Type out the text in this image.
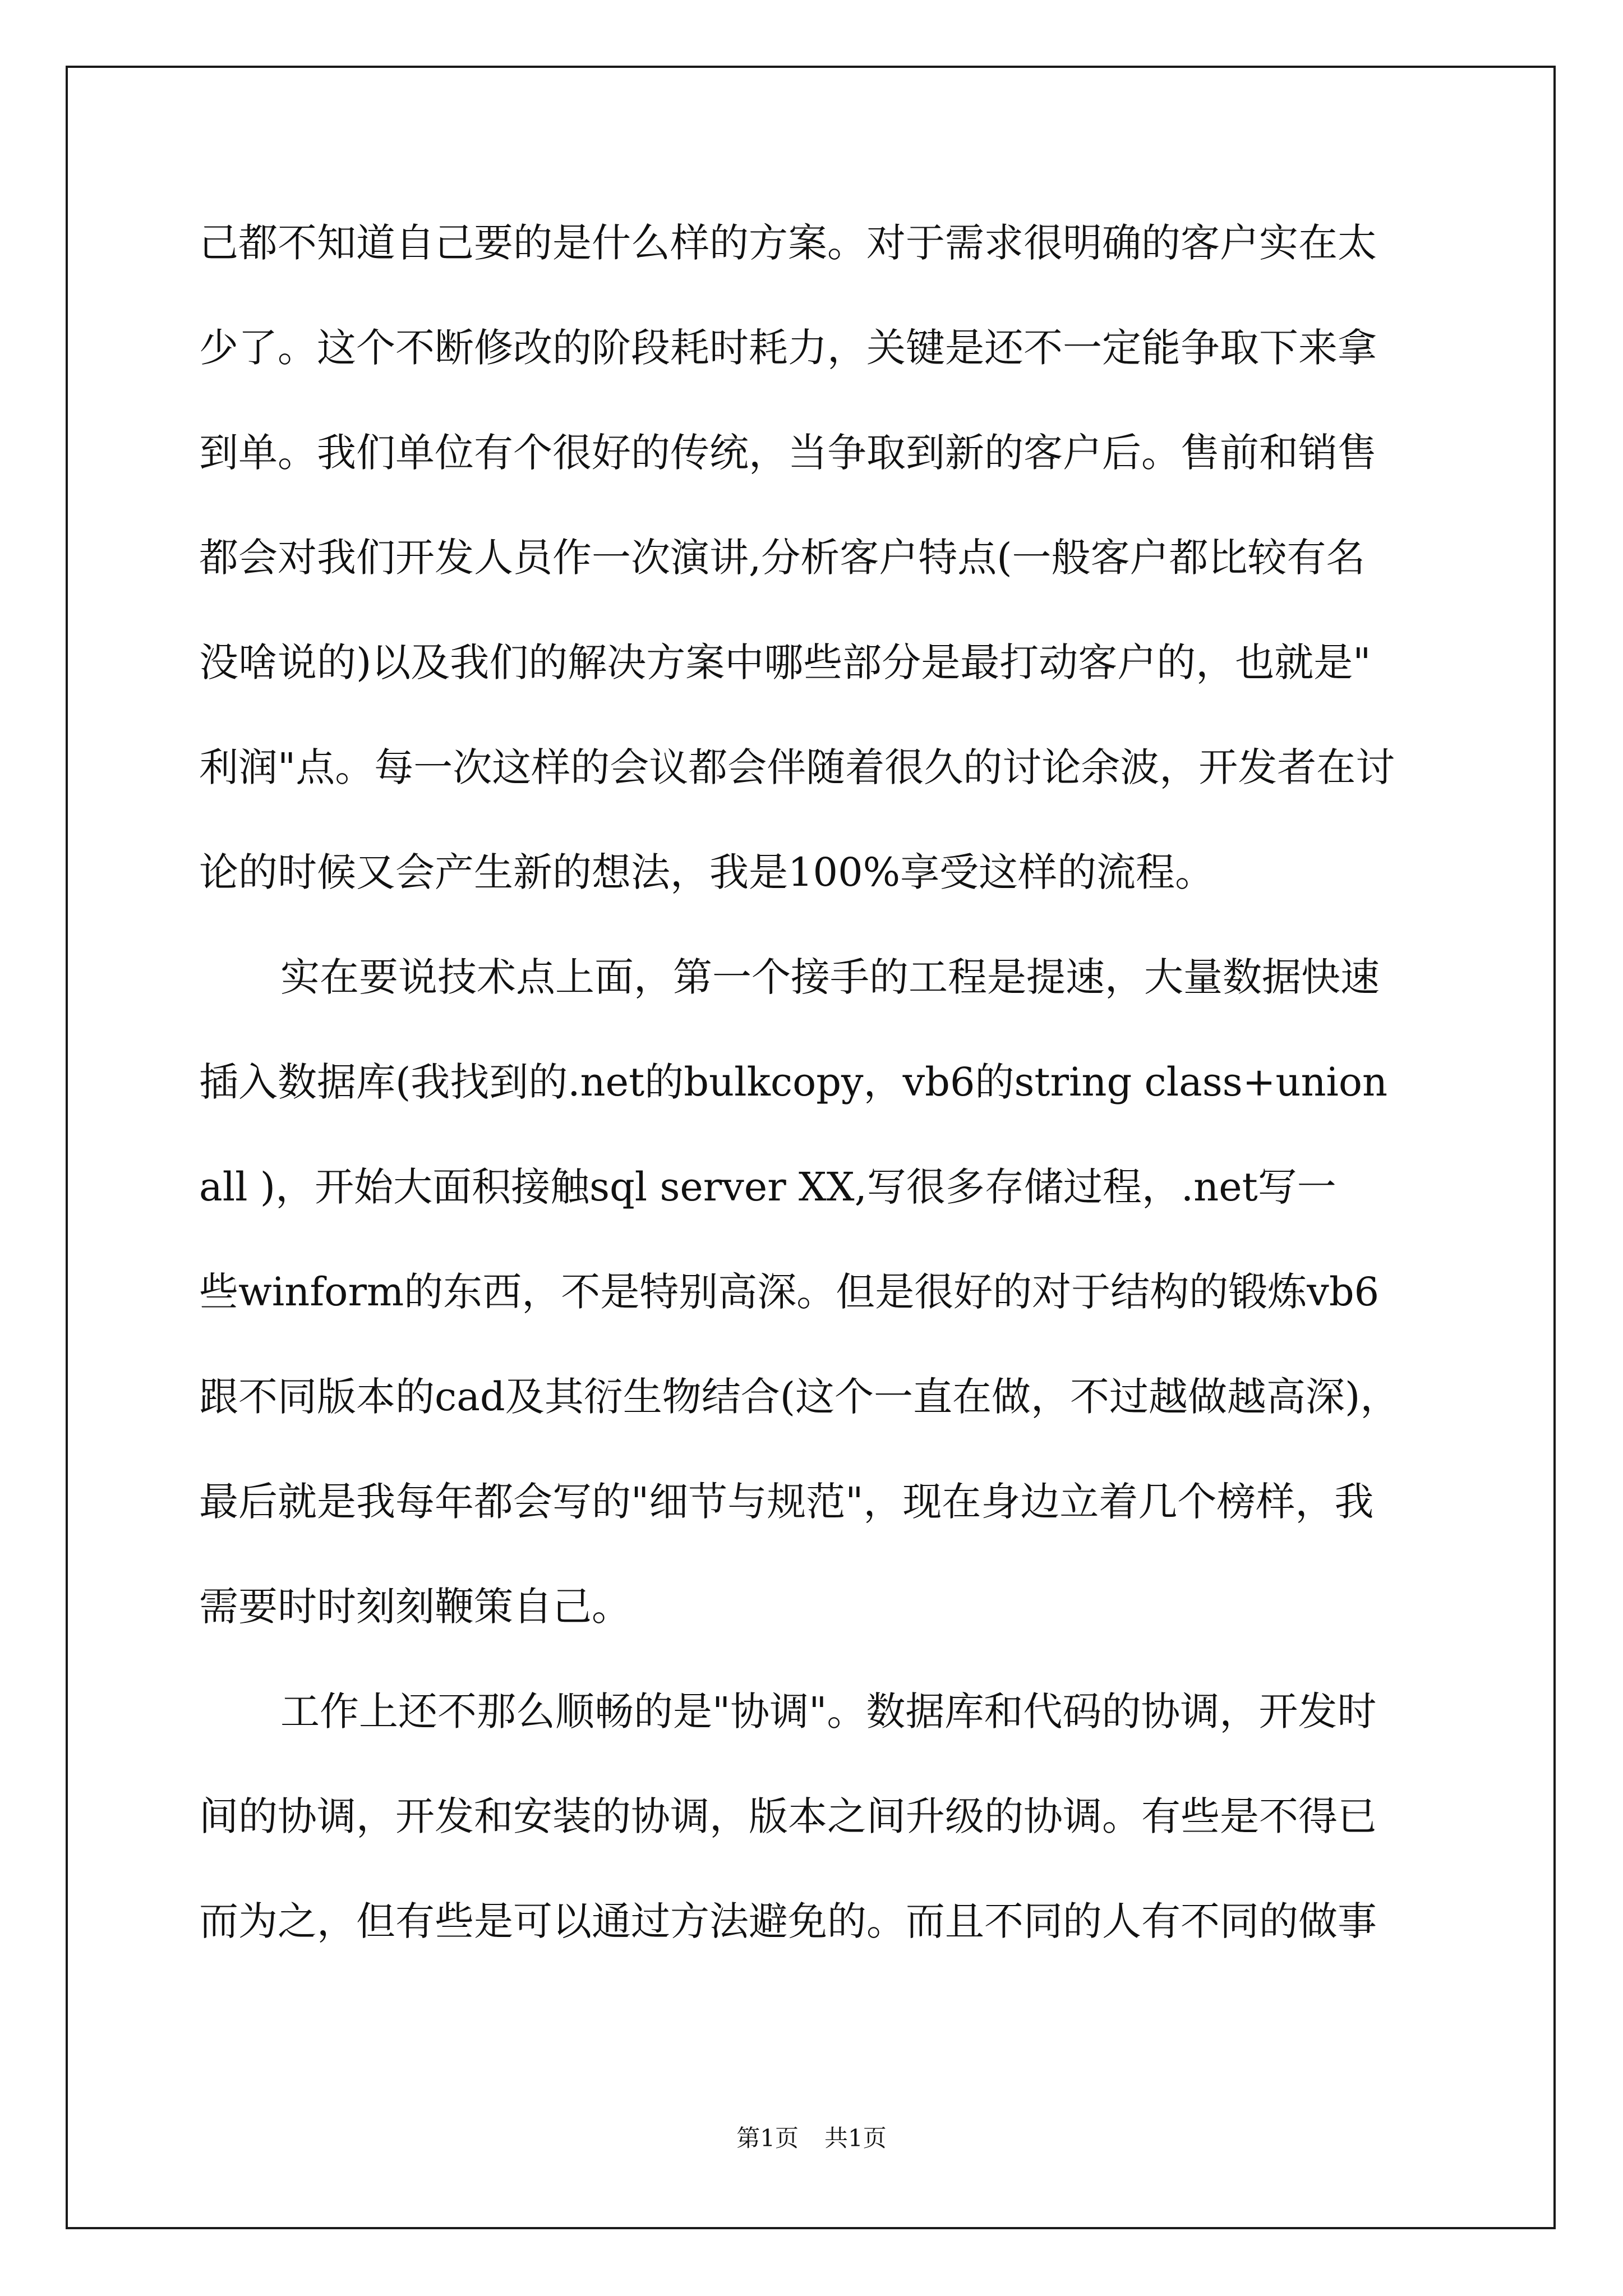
己都不知道自己要的是什么样的方案。对于需求很明确的客户实在太
少了。这个不断修改的阶段耗时耗力，关键是还不一定能争取下来拿
到单。我们单位有个很好的传统，当争取到新的客户后。售前和销售
都会对我们开发人员作一次演讲,分析客户特点(一般客户都比较有名
没啥说的)以及我们的解决方案中哪些部分是最打动客户的，也就是"
利润"点。每一次这样的会议都会伴随着很久的讨论余波，开发者在讨
论的时候又会产生新的想法，我是100%享受这样的流程。
实在要说技术点上面，第一个接手的工程是提速，大量数据快速
插入数据库(我找到的.net的bulkcopy，vb6的string class+union
all )，开始大面积接触sql server XX,写很多存储过程，.net写一
些winform的东西，不是特别高深。但是很好的对于结构的锻炼vb6
跟不同版本的cad及其衍生物结合(这个一直在做，不过越做越高深)，
最后就是我每年都会写的"细节与规范"，现在身边立着几个榜样，我
需要时时刻刻鞭策自己。
工作上还不那么顺畅的是"协调"。数据库和代码的协调，开发时
间的协调，开发和安装的协调，版本之间升级的协调。有些是不得已
而为之，但有些是可以通过方法避免的。而且不同的人有不同的做事
第1页 共1页
